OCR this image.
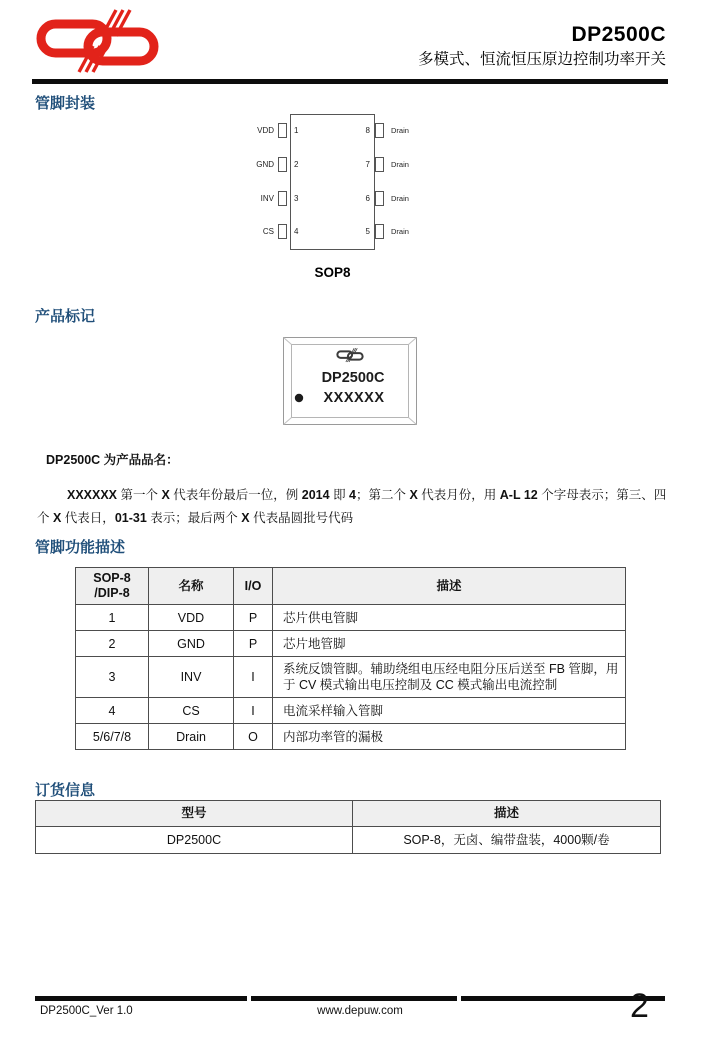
DP2500C
多模式、恒流恒压原边控制功率开关
管脚封装
VDD	1
GND	2
INV	3
CS	4
8	Drain
7	Drain
6	Drain
5	Drain
SOP8
产品标记
DP2500C
XXXXXX
DP2500C 为产品品名：
XXXXXX 第一个 X 代表年份最后一位，例 2014 即 4；第二个 X 代表月份，用 A-L 12 个字母表示；第三、四个 X 代表日，01-31 表示；最后两个 X 代表晶圆批号代码
管脚功能描述
SOP-8
/DIP-8	名称	I/O	描述
1	VDD	P	芯片供电管脚
2	GND	P	芯片地管脚
3	INV	I	系统反馈管脚。辅助绕组电压经电阻分压后送至 FB 管脚，用于 CV 模式输出电压控制及 CC 模式输出电流控制
4	CS	I	电流采样输入管脚
5/6/7/8	Drain	O	内部功率管的漏极
订货信息
型号	描述
DP2500C	SOP-8，无卤、编带盘装，4000颗/卷
DP2500C_Ver 1.0	www.depuw.com	2
